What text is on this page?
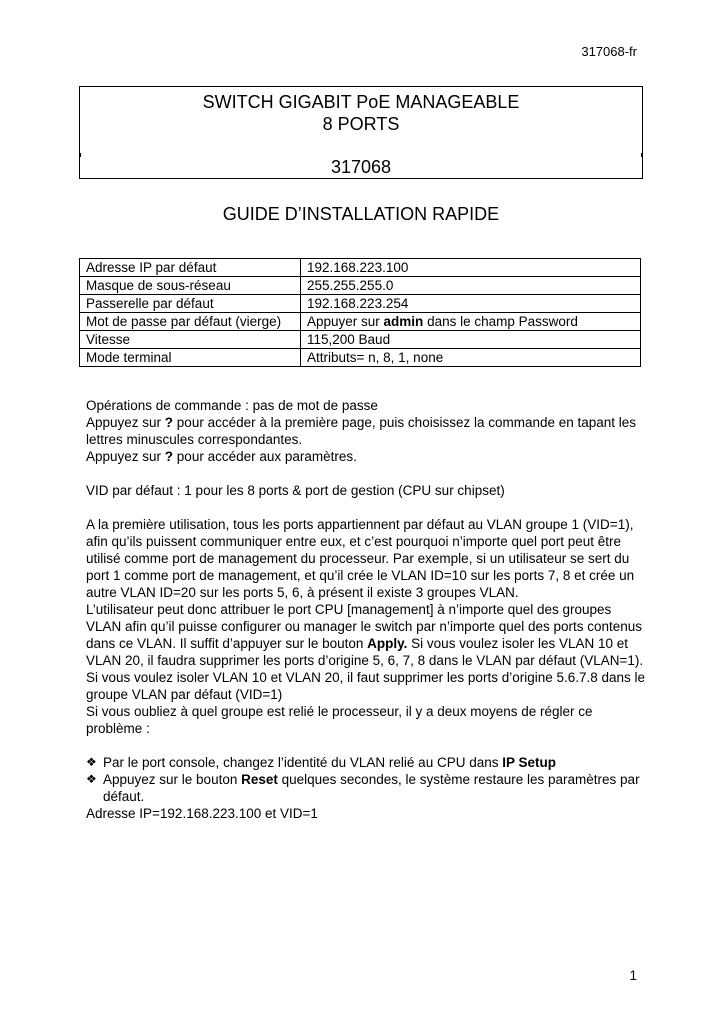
317068-fr
SWITCH GIGABIT PoE MANAGEABLE
8 PORTS
317068
GUIDE D’INSTALLATION RAPIDE
Adresse IP par défaut	192.168.223.100
Masque de sous-réseau	255.255.255.0
Passerelle par défaut	192.168.223.254
Mot de passe par défaut (vierge)	Appuyer sur admin dans le champ Password
Vitesse	115,200 Baud
Mode terminal	Attributs= n, 8, 1, none

Opérations de commande : pas de mot de passe

Appuyez sur ? pour accéder à la première page, puis choisissez la commande en tapant les lettres minuscules correspondantes.

Appuyez sur ? pour accéder aux paramètres.

VID par défaut : 1 pour les 8 ports & port de gestion (CPU sur chipset)

A la première utilisation, tous les ports appartiennent par défaut au VLAN groupe 1 (VID=1), afin qu’ils puissent communiquer entre eux, et c’est pourquoi n’importe quel port peut être utilisé comme port de management du processeur. Par exemple, si un utilisateur se sert du port 1 comme port de management, et qu’il crée le VLAN ID=10 sur les ports 7, 8 et crée un autre VLAN ID=20 sur les ports 5, 6, à présent il existe 3 groupes VLAN.

L’utilisateur peut donc attribuer le port CPU [management] à n’importe quel des groupes VLAN afin qu’il puisse configurer ou manager le switch par n’importe quel des ports contenus dans ce VLAN. Il suffit d’appuyer sur le bouton Apply. Si vous voulez isoler les VLAN 10 et VLAN 20, il faudra supprimer les ports d’origine 5, 6, 7, 8 dans le VLAN par défaut (VLAN=1).

Si vous voulez isoler VLAN 10 et VLAN 20, il faut supprimer les ports d’origine 5.6.7.8 dans le groupe VLAN par défaut (VID=1)

Si vous oubliez à quel groupe est relié le processeur, il y a deux moyens de régler ce problème :

❖ Par le port console, changez l’identité du VLAN relié au CPU dans IP Setup
❖ Appuyez sur le bouton Reset quelques secondes, le système restaure les paramètres par défaut.

Adresse IP=192.168.223.100 et VID=1

1
